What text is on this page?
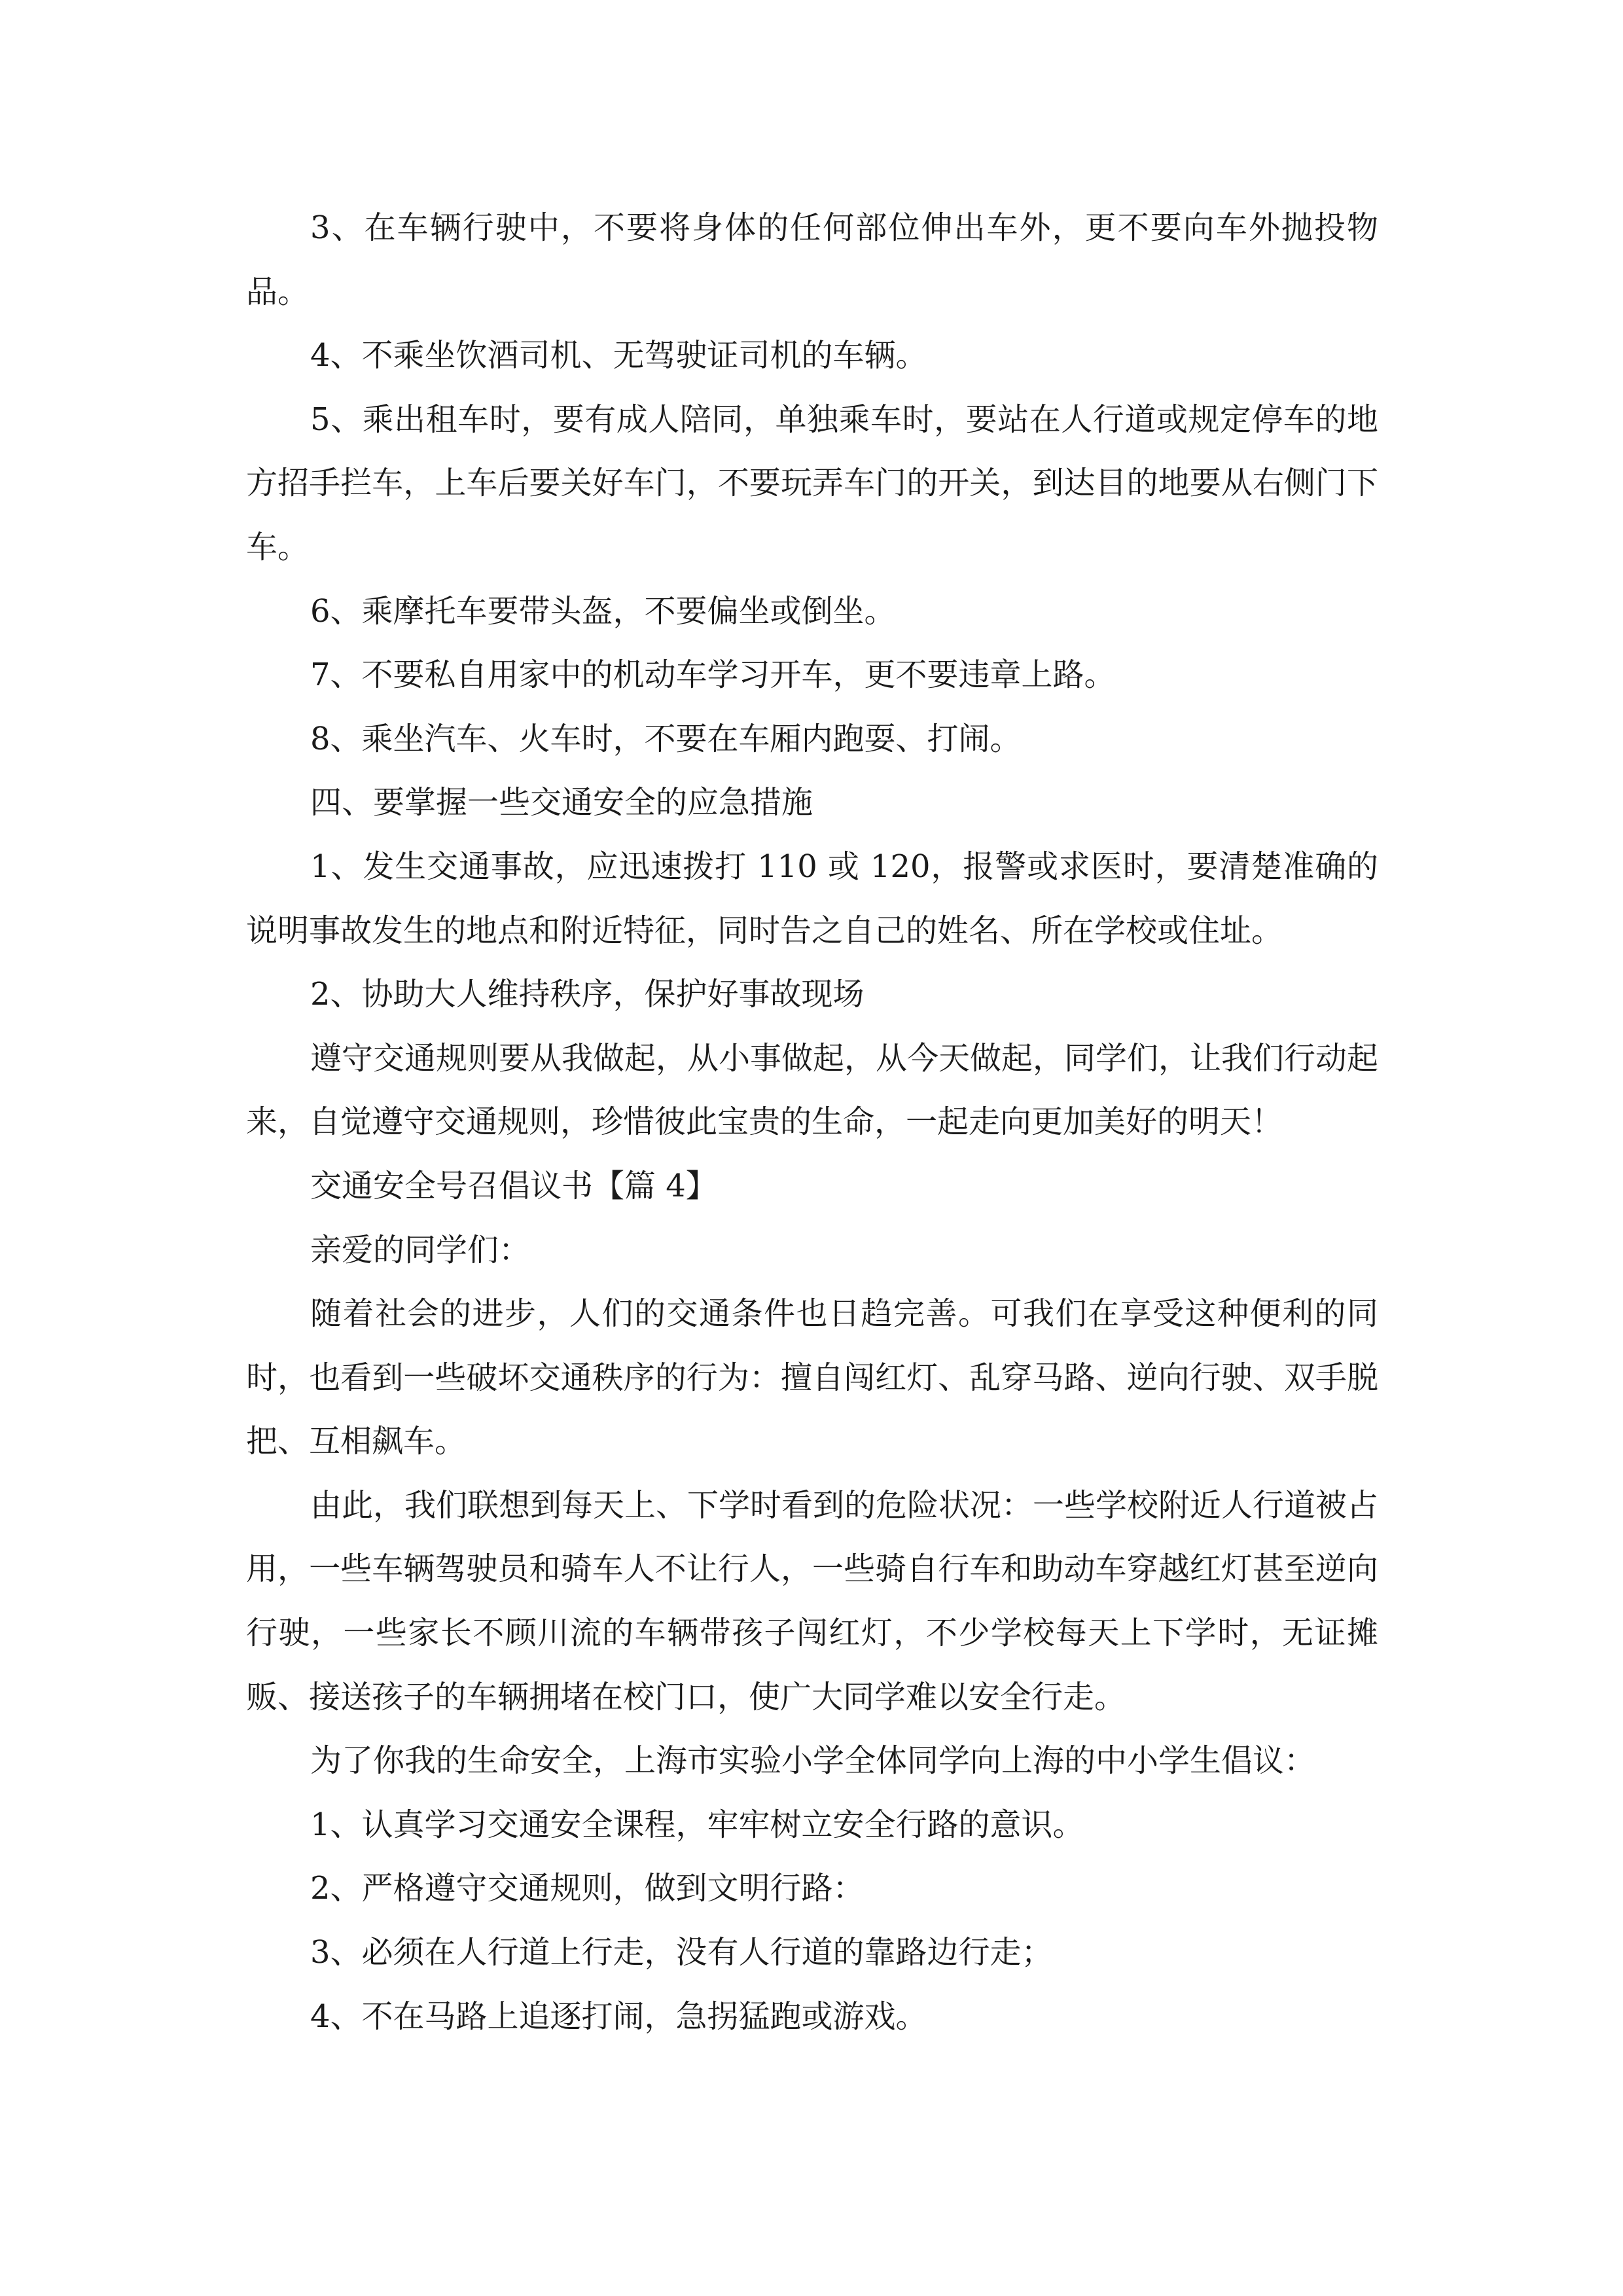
3、在车辆行驶中，不要将身体的任何部位伸出车外，更不要向车外抛投物品。

4、不乘坐饮酒司机、无驾驶证司机的车辆。

5、乘出租车时，要有成人陪同，单独乘车时，要站在人行道或规定停车的地方招手拦车，上车后要关好车门，不要玩弄车门的开关，到达目的地要从右侧门下车。

6、乘摩托车要带头盔，不要偏坐或倒坐。

7、不要私自用家中的机动车学习开车，更不要违章上路。

8、乘坐汽车、火车时，不要在车厢内跑耍、打闹。

四、要掌握一些交通安全的应急措施

1、发生交通事故，应迅速拨打 110 或 120，报警或求医时，要清楚准确的说明事故发生的地点和附近特征，同时告之自己的姓名、所在学校或住址。

2、协助大人维持秩序，保护好事故现场

遵守交通规则要从我做起，从小事做起，从今天做起，同学们，让我们行动起来，自觉遵守交通规则，珍惜彼此宝贵的生命，一起走向更加美好的明天！

交通安全号召倡议书【篇 4】

亲爱的同学们：

随着社会的进步，人们的交通条件也日趋完善。可我们在享受这种便利的同时，也看到一些破坏交通秩序的行为：擅自闯红灯、乱穿马路、逆向行驶、双手脱把、互相飙车。

由此，我们联想到每天上、下学时看到的危险状况：一些学校附近人行道被占用，一些车辆驾驶员和骑车人不让行人，一些骑自行车和助动车穿越红灯甚至逆向行驶，一些家长不顾川流的车辆带孩子闯红灯，不少学校每天上下学时，无证摊贩、接送孩子的车辆拥堵在校门口，使广大同学难以安全行走。

为了你我的生命安全，上海市实验小学全体同学向上海的中小学生倡议：

1、认真学习交通安全课程，牢牢树立安全行路的意识。

2、严格遵守交通规则，做到文明行路：

3、必须在人行道上行走，没有人行道的靠路边行走；

4、不在马路上追逐打闹，急拐猛跑或游戏。
